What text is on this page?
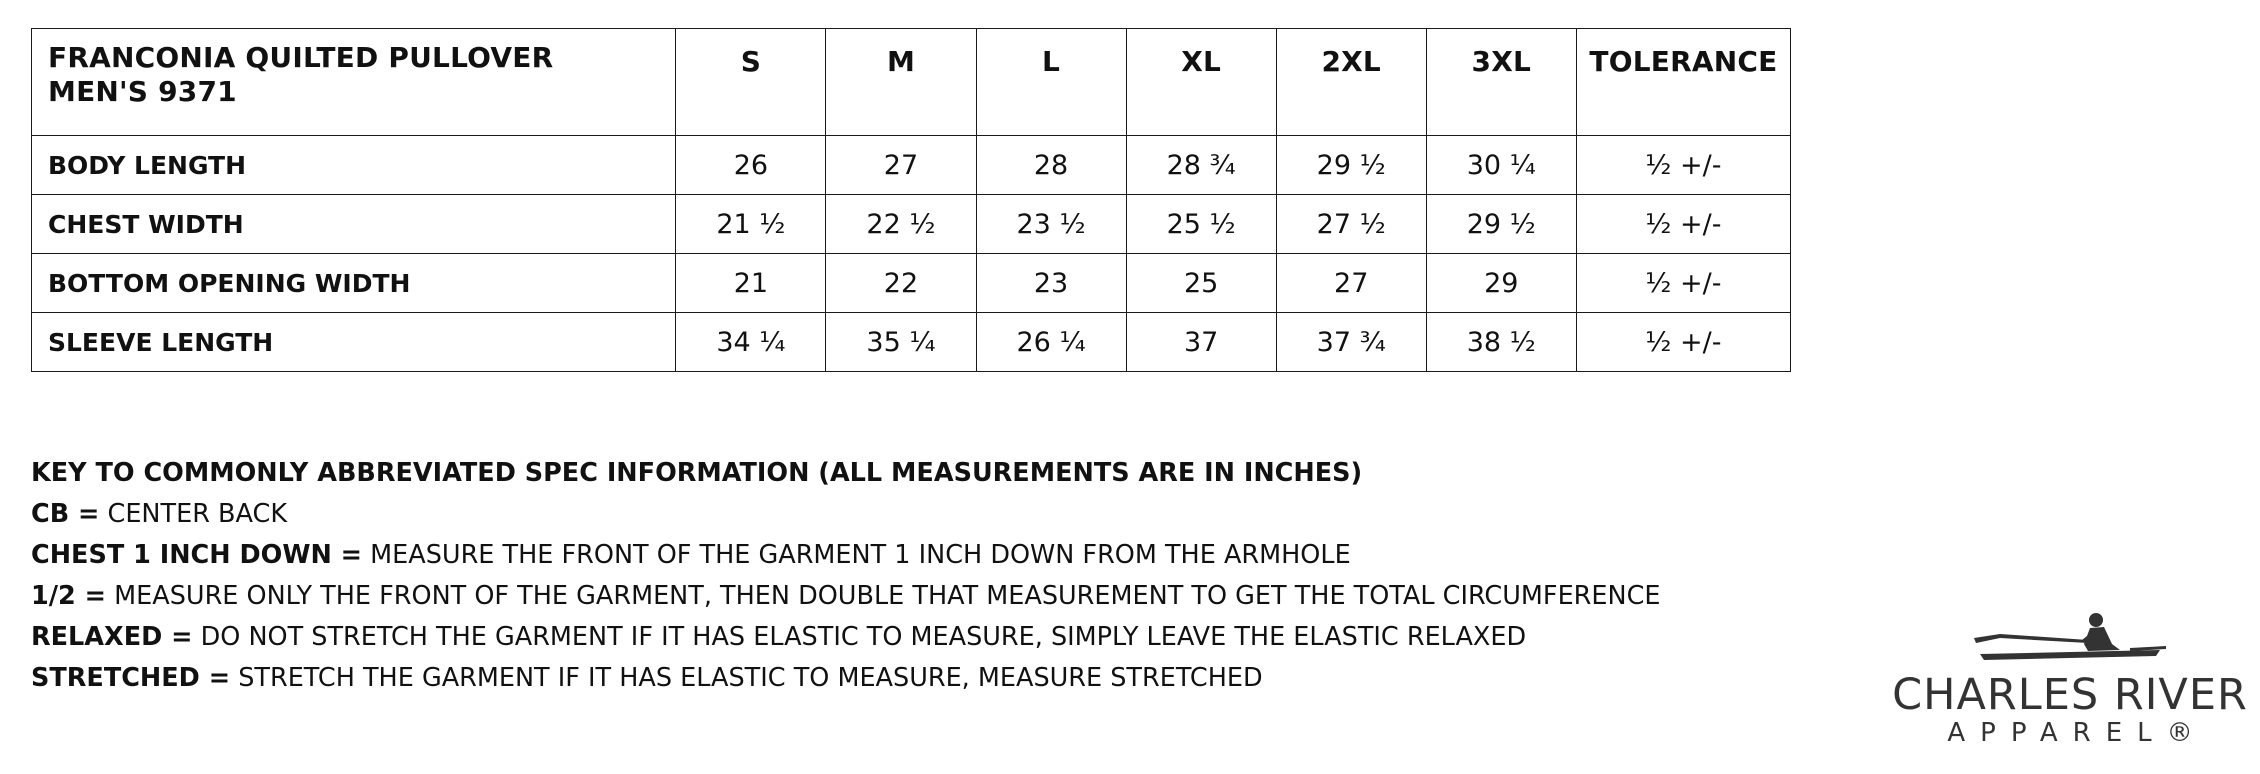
FRANCONIA QUILTED PULLOVER
MEN'S 9371	S	M	L	XL	2XL	3XL	TOLERANCE
BODY LENGTH	26	27	28	28 ¾	29 ½	30 ¼	½ +/-
CHEST WIDTH	21 ½	22 ½	23 ½	25 ½	27 ½	29 ½	½ +/-
BOTTOM OPENING WIDTH	21	22	23	25	27	29	½ +/-
SLEEVE LENGTH	34 ¼	35 ¼	26 ¼	37	37 ¾	38 ½	½ +/-
KEY TO COMMONLY ABBREVIATED SPEC INFORMATION (ALL MEASUREMENTS ARE IN INCHES)
CB = CENTER BACK
CHEST 1 INCH DOWN = MEASURE THE FRONT OF THE GARMENT 1 INCH DOWN FROM THE ARMHOLE
1/2 = MEASURE ONLY THE FRONT OF THE GARMENT, THEN DOUBLE THAT MEASUREMENT TO GET THE TOTAL CIRCUMFERENCE
RELAXED = DO NOT STRETCH THE GARMENT IF IT HAS ELASTIC TO MEASURE, SIMPLY LEAVE THE ELASTIC RELAXED
STRETCHED = STRETCH THE GARMENT IF IT HAS ELASTIC TO MEASURE, MEASURE STRETCHED	CHARLES RIVER
APPAREL®
